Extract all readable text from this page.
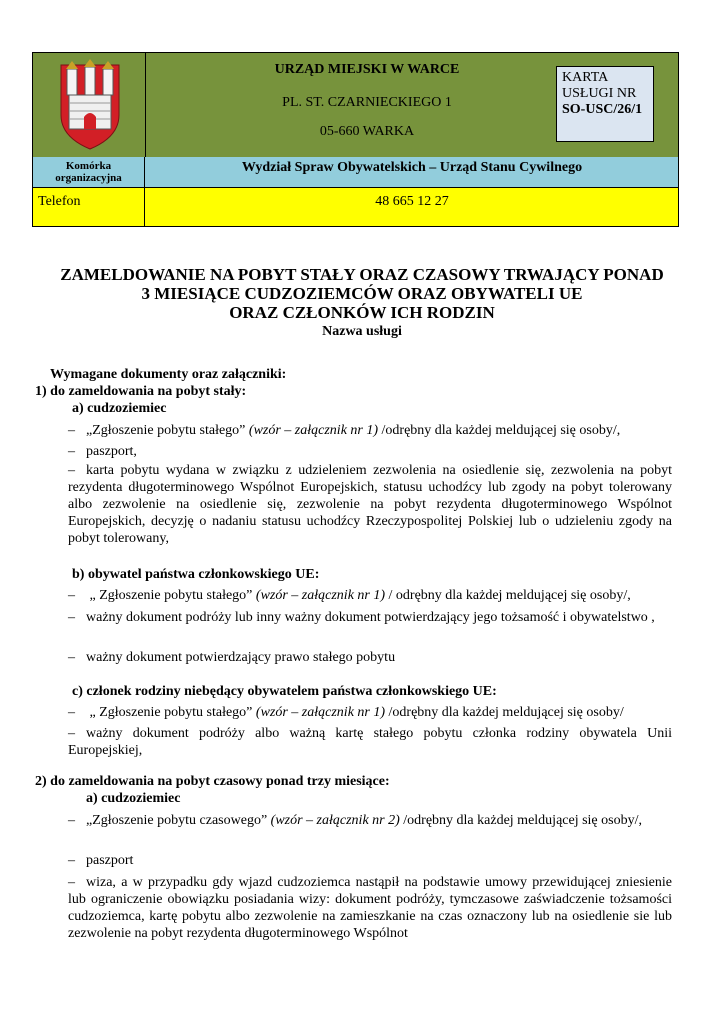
URZĄD MIEJSKI W WARCE
PL. ST. CZARNIECKIEGO 1
05-660 WARKA
KARTA
USŁUGI NR
SO-USC/26/1
Komórka organizacyjna
Wydział Spraw Obywatelskich – Urząd Stanu Cywilnego
Telefon	48 665 12 27
ZAMELDOWANIE NA POBYT STAŁY ORAZ CZASOWY TRWAJĄCY PONAD
3 MIESIĄCE CUDZOZIEMCÓW ORAZ OBYWATELI UE
ORAZ CZŁONKÓW ICH RODZIN
Nazwa usługi
Wymagane dokumenty oraz załączniki:
1) do zameldowania na pobyt stały:
a) cudzoziemiec
– „Zgłoszenie pobytu stałego” (wzór – załącznik nr 1) /odrębny dla każdej meldującej się osoby/,
– paszport,
– karta pobytu wydana w związku z udzieleniem zezwolenia na osiedlenie się, zezwolenia na pobyt rezydenta długoterminowego Wspólnot Europejskich, statusu uchodźcy lub zgody na pobyt tolerowany albo zezwolenie na osiedlenie się, zezwolenie na pobyt rezydenta długoterminowego Wspólnot Europejskich, decyzję o nadaniu statusu uchodźcy Rzeczypospolitej Polskiej lub o udzieleniu zgody na pobyt tolerowany,
b) obywatel państwa członkowskiego UE:
– „ Zgłoszenie pobytu stałego” (wzór – załącznik nr 1) / odrębny dla każdej meldującej się osoby/,
– ważny dokument podróży lub inny ważny dokument potwierdzający jego tożsamość i obywatelstwo ,
– ważny dokument potwierdzający prawo stałego pobytu
c) członek rodziny niebędący obywatelem państwa członkowskiego UE:
– „ Zgłoszenie pobytu stałego” (wzór – załącznik nr 1) /odrębny dla każdej meldującej się osoby/
– ważny dokument podróży albo ważną kartę stałego pobytu członka rodziny obywatela Unii Europejskiej,
2) do zameldowania na pobyt czasowy ponad trzy miesiące:
a) cudzoziemiec
– „Zgłoszenie pobytu czasowego” (wzór – załącznik nr 2) /odrębny dla każdej meldującej się osoby/,
– paszport
– wiza, a w przypadku gdy wjazd cudzoziemca nastąpił na podstawie umowy przewidującej zniesienie lub ograniczenie obowiązku posiadania wizy: dokument podróży, tymczasowe zaświadczenie tożsamości cudzoziemca, kartę pobytu albo zezwolenie na zamieszkanie na czas oznaczony lub na osiedlenie sie lub zezwolenie na pobyt rezydenta długoterminowego Wspólnot
